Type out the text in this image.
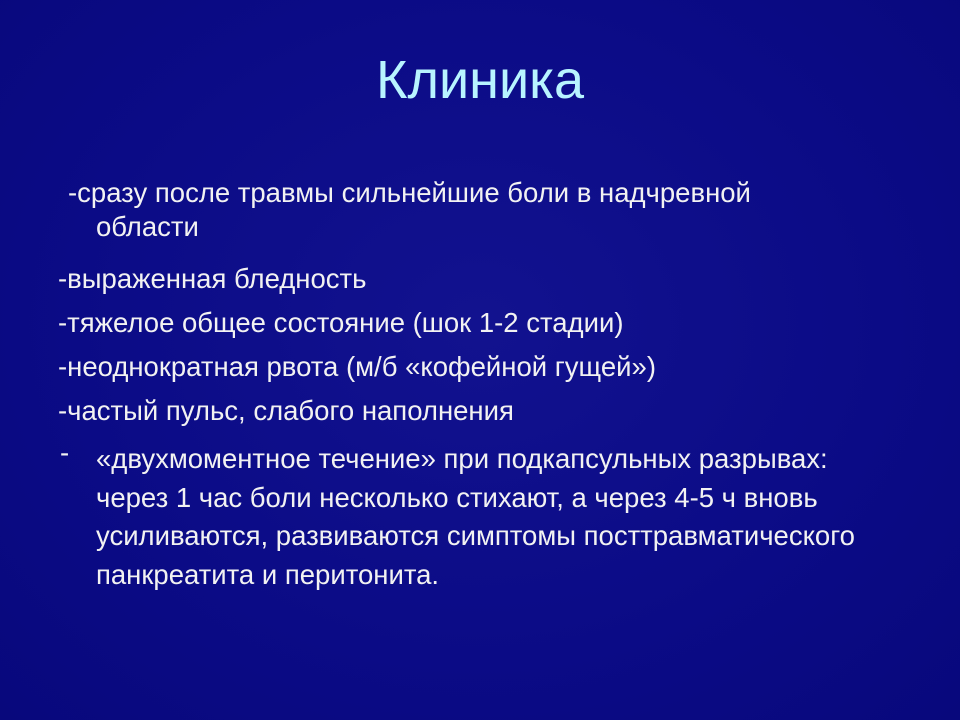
Клиника
-сразу после травмы сильнейшие боли в надчревной
области
-выраженная бледность
-тяжелое общее состояние (шок 1-2 стадии)
-неоднократная рвота (м/б «кофейной гущей»)
-частый пульс, слабого наполнения
- «двухмоментное течение» при подкапсульных разрывах: через 1 час боли несколько стихают, а через 4-5 ч вновь усиливаются, развиваются симптомы посттравматического панкреатита и перитонита.
